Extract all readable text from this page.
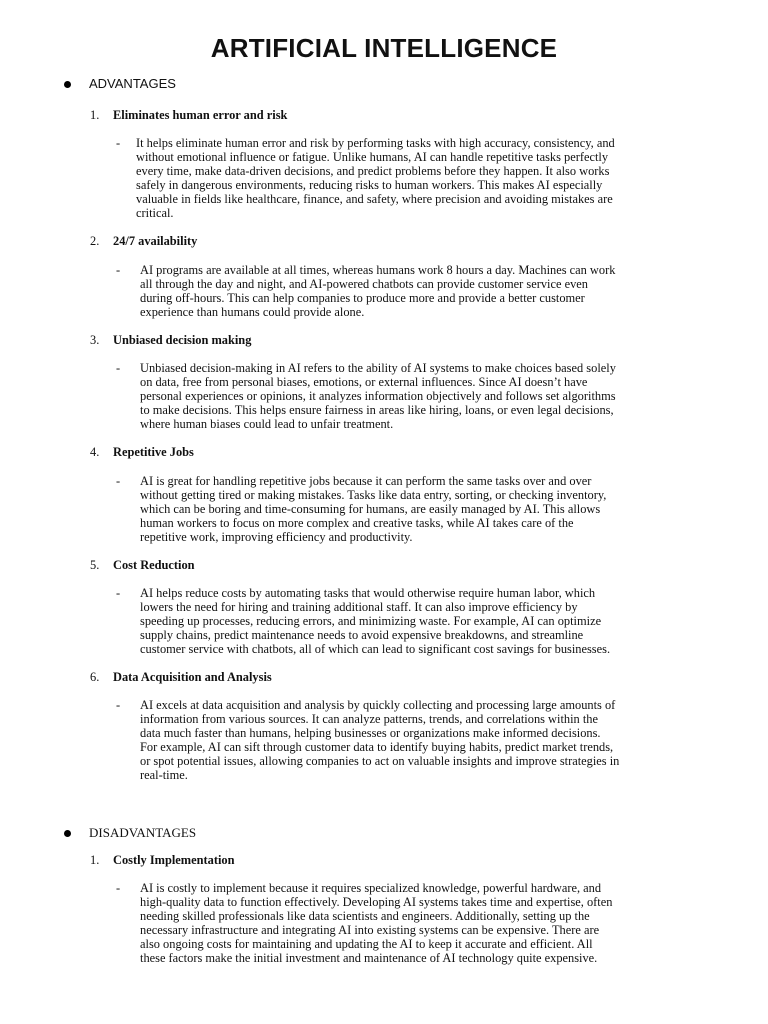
ARTIFICIAL INTELLIGENCE
ADVANTAGES
1. Eliminates human error and risk
- It helps eliminate human error and risk by performing tasks with high accuracy, consistency, and
without emotional influence or fatigue. Unlike humans, AI can handle repetitive tasks perfectly
every time, make data-driven decisions, and predict problems before they happen. It also works
safely in dangerous environments, reducing risks to human workers. This makes AI especially
valuable in fields like healthcare, finance, and safety, where precision and avoiding mistakes are
critical.
2. 24/7 availability
- AI programs are available at all times, whereas humans work 8 hours a day. Machines can work
all through the day and night, and AI-powered chatbots can provide customer service even
during off-hours. This can help companies to produce more and provide a better customer
experience than humans could provide alone.
3. Unbiased decision making
- Unbiased decision-making in AI refers to the ability of AI systems to make choices based solely
on data, free from personal biases, emotions, or external influences. Since AI doesn’t have
personal experiences or opinions, it analyzes information objectively and follows set algorithms
to make decisions. This helps ensure fairness in areas like hiring, loans, or even legal decisions,
where human biases could lead to unfair treatment.
4. Repetitive Jobs
- AI is great for handling repetitive jobs because it can perform the same tasks over and over
without getting tired or making mistakes. Tasks like data entry, sorting, or checking inventory,
which can be boring and time-consuming for humans, are easily managed by AI. This allows
human workers to focus on more complex and creative tasks, while AI takes care of the
repetitive work, improving efficiency and productivity.
5. Cost Reduction
- AI helps reduce costs by automating tasks that would otherwise require human labor, which
lowers the need for hiring and training additional staff. It can also improve efficiency by
speeding up processes, reducing errors, and minimizing waste. For example, AI can optimize
supply chains, predict maintenance needs to avoid expensive breakdowns, and streamline
customer service with chatbots, all of which can lead to significant cost savings for businesses.
6. Data Acquisition and Analysis
- AI excels at data acquisition and analysis by quickly collecting and processing large amounts of
information from various sources. It can analyze patterns, trends, and correlations within the
data much faster than humans, helping businesses or organizations make informed decisions.
For example, AI can sift through customer data to identify buying habits, predict market trends,
or spot potential issues, allowing companies to act on valuable insights and improve strategies in
real-time.
DISADVANTAGES
1. Costly Implementation
- AI is costly to implement because it requires specialized knowledge, powerful hardware, and
high-quality data to function effectively. Developing AI systems takes time and expertise, often
needing skilled professionals like data scientists and engineers. Additionally, setting up the
necessary infrastructure and integrating AI into existing systems can be expensive. There are
also ongoing costs for maintaining and updating the AI to keep it accurate and efficient. All
these factors make the initial investment and maintenance of AI technology quite expensive.
